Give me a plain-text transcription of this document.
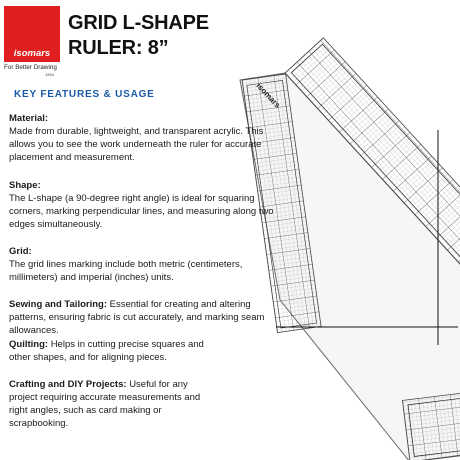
isomars
For Better Drawing
1954
GRID L-SHAPE
RULER: 8”
isomars
KEY FEATURES & USAGE
Material:
Made from durable, lightweight, and transparent acrylic. This allows you to see the work underneath the ruler for accurate placement and measurement.
Shape:
The L-shape (a 90-degree right angle) is ideal for squaring corners, marking perpendicular lines, and measuring along two edges simultaneously.
Grid:
The grid lines marking include both metric (centimeters, millimeters) and imperial (inches) units.
Sewing and Tailoring: Essential for creating and altering patterns, ensuring fabric is cut accurately, and marking seam allowances.
Quilting: Helps in cutting precise squares and other shapes, and for aligning pieces.
Crafting and DIY Projects: Useful for any project requiring accurate measurements and right angles, such as card making or scrapbooking.
